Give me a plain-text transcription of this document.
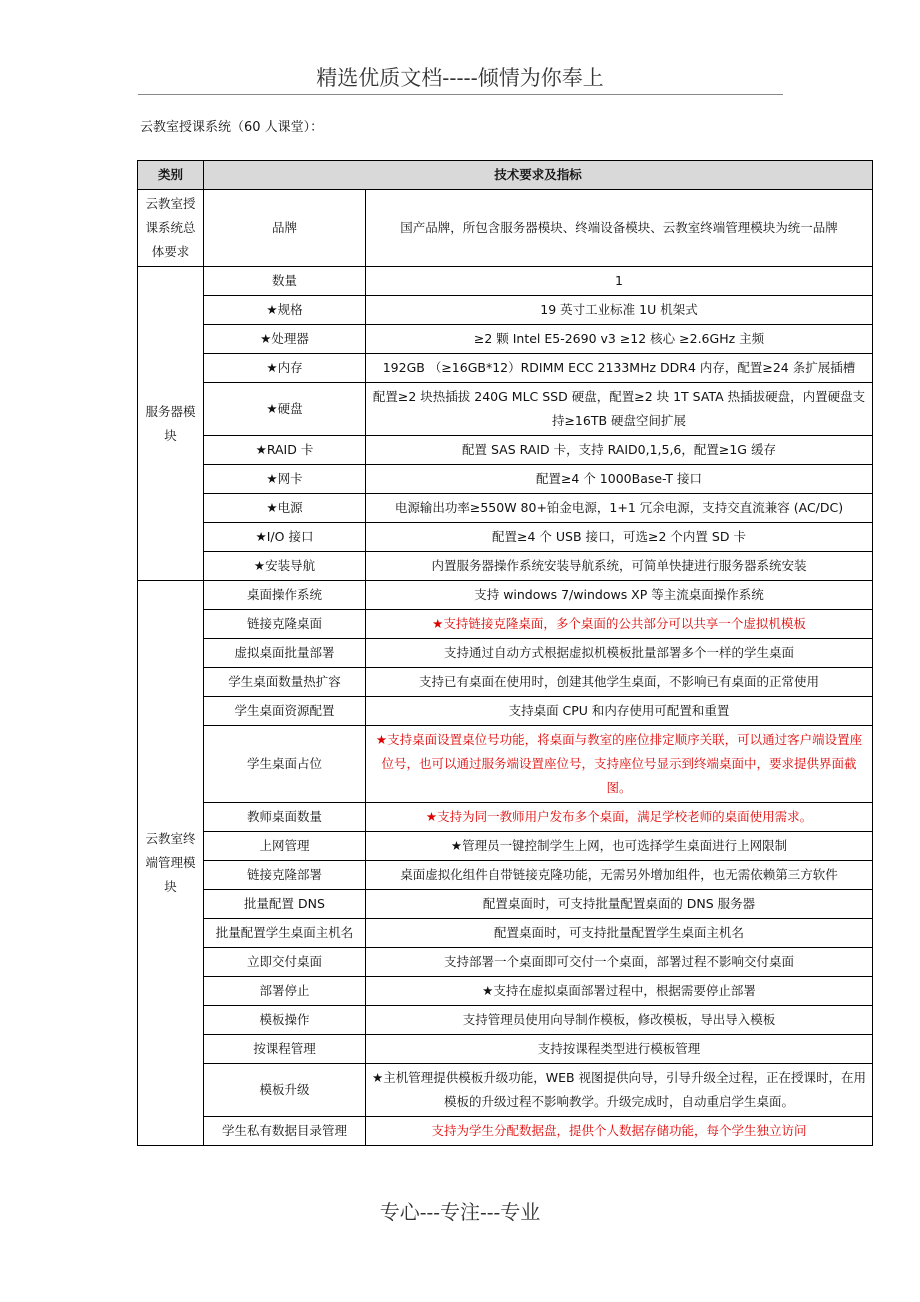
精选优质文档-----倾情为你奉上
云教室授课系统（60 人课堂）：
类别	技术要求及指标	
云教室授课系统总体要求	品牌	国产品牌，所包含服务器模块、终端设备模块、云教室终端管理模块为统一品牌
服务器模块	数量	1
	★规格	19 英寸工业标准 1U 机架式
	★处理器	≥2 颗 Intel E5-2690 v3 ≥12 核心 ≥2.6GHz 主频
	★内存	192GB （≥16GB*12）RDIMM ECC 2133MHz DDR4 内存，配置≥24 条扩展插槽
	★硬盘	配置≥2 块热插拔 240G MLC SSD 硬盘，配置≥2 块 1T SATA 热插拔硬盘，内置硬盘支持≥16TB 硬盘空间扩展
	★RAID 卡	配置 SAS RAID 卡，支持 RAID0,1,5,6，配置≥1G 缓存
	★网卡	配置≥4 个 1000Base-T 接口
	★电源	电源输出功率≥550W 80+铂金电源，1+1 冗余电源，支持交直流兼容 (AC/DC)
	★I/O 接口	配置≥4 个 USB 接口，可选≥2 个内置 SD 卡
	★安装导航	内置服务器操作系统安装导航系统，可简单快捷进行服务器系统安装
云教室终端管理模块	桌面操作系统	支持 windows 7/windows XP 等主流桌面操作系统
	链接克隆桌面	★支持链接克隆桌面，多个桌面的公共部分可以共享一个虚拟机模板
	虚拟桌面批量部署	支持通过自动方式根据虚拟机模板批量部署多个一样的学生桌面
	学生桌面数量热扩容	支持已有桌面在使用时，创建其他学生桌面，不影响已有桌面的正常使用
	学生桌面资源配置	支持桌面 CPU 和内存使用可配置和重置
	学生桌面占位	★支持桌面设置桌位号功能，将桌面与教室的座位排定顺序关联，可以通过客户端设置座位号，也可以通过服务端设置座位号，支持座位号显示到终端桌面中，要求提供界面截图。
	教师桌面数量	★支持为同一教师用户发布多个桌面，满足学校老师的桌面使用需求。
	上网管理	★管理员一键控制学生上网，也可选择学生桌面进行上网限制
	链接克隆部署	桌面虚拟化组件自带链接克隆功能，无需另外增加组件，也无需依赖第三方软件
	批量配置 DNS	配置桌面时，可支持批量配置桌面的 DNS 服务器
	批量配置学生桌面主机名	配置桌面时，可支持批量配置学生桌面主机名
	立即交付桌面	支持部署一个桌面即可交付一个桌面，部署过程不影响交付桌面
	部署停止	★支持在虚拟桌面部署过程中，根据需要停止部署
	模板操作	支持管理员使用向导制作模板，修改模板，导出导入模板
	按课程管理	支持按课程类型进行模板管理
	模板升级	★主机管理提供模板升级功能，WEB 视图提供向导，引导升级全过程，正在授课时，在用模板的升级过程不影响教学。升级完成时，自动重启学生桌面。
	学生私有数据目录管理	支持为学生分配数据盘，提供个人数据存储功能，每个学生独立访问
专心---专注---专业
